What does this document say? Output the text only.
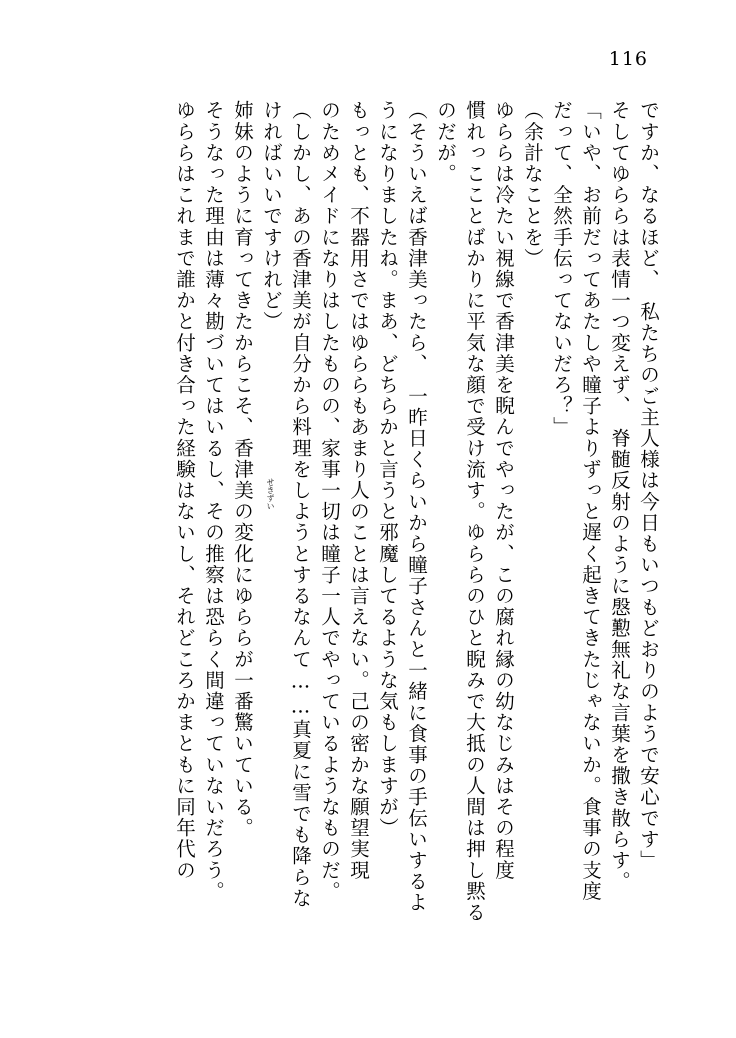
116
ですか、なるほど、　私たちのご主人様は今日もいつもどおりのようで安心です」
そしてゆららは表情一つ変えず、　脊髄反射のように慇懃無礼な言葉を撒き散らす。
「いや、お前だってあたしや瞳子よりずっと遅く起きてきたじゃないか。食事の支度
だって、全然手伝ってないだろ？」
（余計なことを）
ゆららは冷たい視線で香津美を睨んでやったが、この腐れ縁の幼なじみはその程度
慣れっこことばかりに平気な顔で受け流す。ゆららのひと睨みで大抵の人間は押し黙る
のだが。
（そういえば香津美ったら、　一昨日くらいから瞳子さんと一緒に食事の手伝いするよ
うになりましたね。まあ、どちらかと言うと邪魔してるような気もしますが）
もっとも、不器用さではゆららもあまり人のことは言えない。己の密かな願望実現
のためメイドになりはしたものの、家事一切は瞳子一人でやっているようなものだ。
（しかし、あの香津美が自分から料理をしようとするなんて……真夏に雪でも降らな
ければいいですけれど）
姉妹のように育ってきたからこそ、香津美の変化にゆららが一番驚いている。
そうなった理由は薄々勘づいてはいるし、その推察は恐らく間違っていないだろう。
ゆららはこれまで誰かと付き合った経験はないし、それどころかまともに同年代の	せきずい
